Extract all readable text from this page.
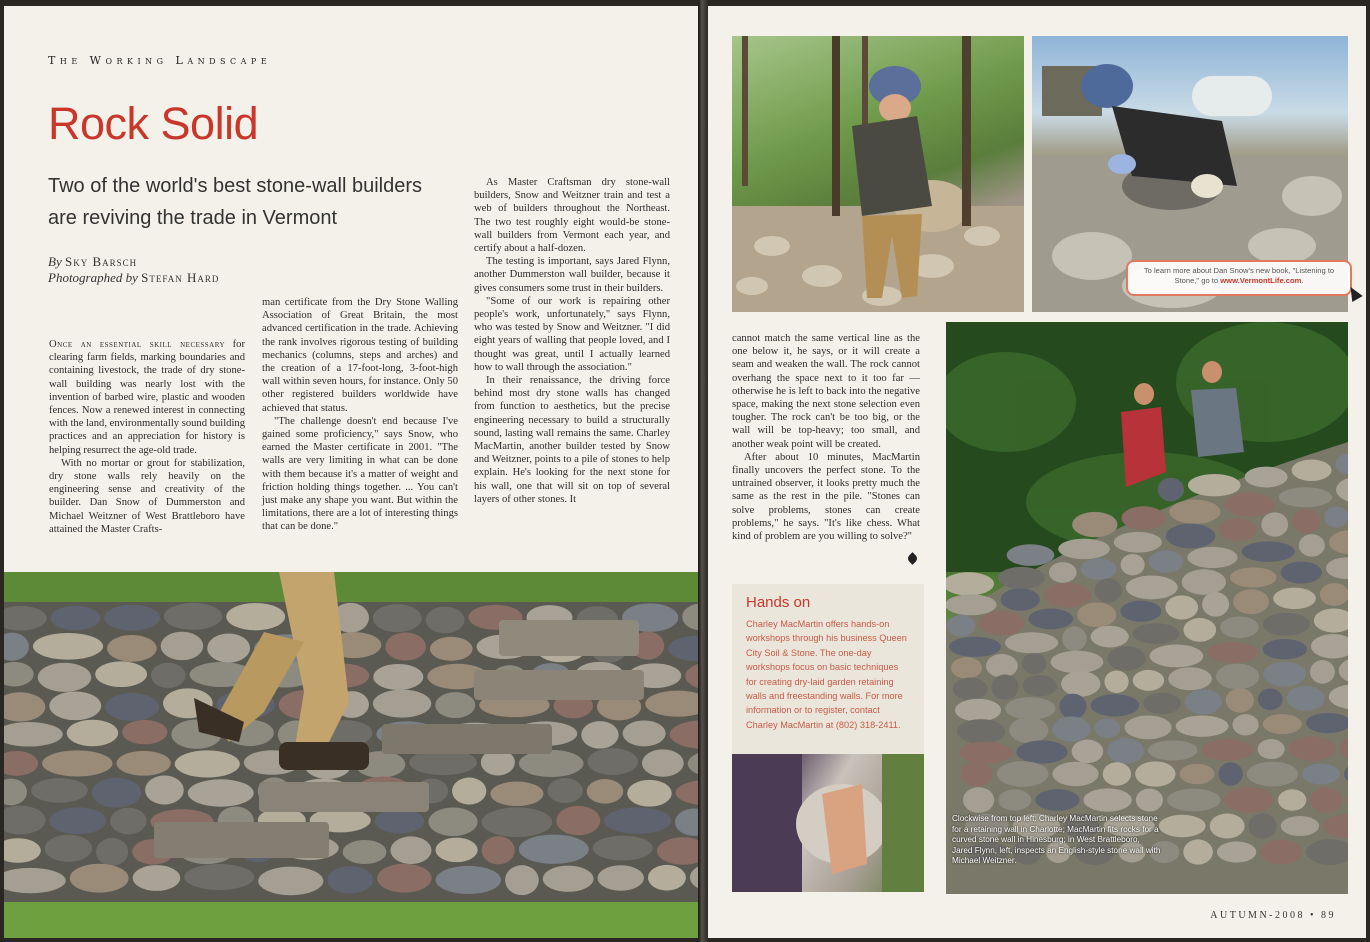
The Working Landscape
Rock Solid
Two of the world's best stone-wall builders
are reviving the trade in Vermont
By Sky Barsch
Photographed by Stefan Hard

Once an essential skill necessary for clearing farm fields, marking boundaries and containing livestock, the trade of dry stone-wall building was nearly lost with the invention of barbed wire, plastic and wooden fences. Now a renewed interest in connecting with the land, environmentally sound building practices and an appreciation for history is helping resurrect the age-old trade.

With no mortar or grout for stabilization, dry stone walls rely heavily on the engineering sense and creativity of the builder. Dan Snow of Dummerston and Michael Weitzner of West Brattleboro have attained the Master Crafts-

man certificate from the Dry Stone Walling Association of Great Britain, the most advanced certification in the trade. Achieving the rank involves rigorous testing of building mechanics (columns, steps and arches) and the creation of a 17-foot-long, 3-foot-high wall within seven hours, for instance. Only 50 other registered builders worldwide have achieved that status.

"The challenge doesn't end because I've gained some proficiency," says Snow, who earned the Master certificate in 2001. "The walls are very limiting in what can be done with them because it's a matter of weight and friction holding things together. ... You can't just make any shape you want. But within the limitations, there are a lot of interesting things that can be done."

As Master Craftsman dry stone-wall builders, Snow and Weitzner train and test a web of builders throughout the Northeast. The two test roughly eight would-be stone-wall builders from Vermont each year, and certify about a half-dozen.

The testing is important, says Jared Flynn, another Dummerston wall builder, because it gives consumers some trust in their builders.

"Some of our work is repairing other people's work, unfortunately," says Flynn, who was tested by Snow and Weitzner. "I did eight years of walling that people loved, and I thought was great, until I actually learned how to wall through the association."

In their renaissance, the driving force behind most dry stone walls has changed from function to aesthetics, but the precise engineering necessary to build a structurally sound, lasting wall remains the same. Charley MacMartin, another builder tested by Snow and Weitzner, points to a pile of stones to help explain. He's looking for the next stone for his wall, one that will sit on top of several layers of other stones. It

To learn more about Dan Snow's new book, "Listening to
Stone," go to www.VermontLife.com.

cannot match the same vertical line as the one below it, he says, or it will create a seam and weaken the wall. The rock cannot overhang the space next to it too far — otherwise he is left to back into the negative space, making the next stone selection even tougher. The rock can't be too big, or the wall will be top-heavy; too small, and another weak point will be created.

After about 10 minutes, MacMartin finally uncovers the perfect stone. To the untrained observer, it looks pretty much the same as the rest in the pile. "Stones can solve problems, stones can create problems," he says. "It's like chess. What kind of problem are you willing to solve?"

Hands on
Charley MacMartin offers hands-on workshops through his business Queen City Soil & Stone. The one-day workshops focus on basic techniques for creating dry-laid garden retaining walls and freestanding walls. For more information or to register, contact Charley MacMartin at (802) 318-2411.
Clockwise from top left: Charley MacMartin selects stone for a retaining wall in Charlotte; MacMartin fits rocks for a curved stone wall in Hinesburg; in West Brattleboro, Jared Flynn, left, inspects an English-style stone wall with Michael Weitzner.
AUTUMN-2008 • 89
